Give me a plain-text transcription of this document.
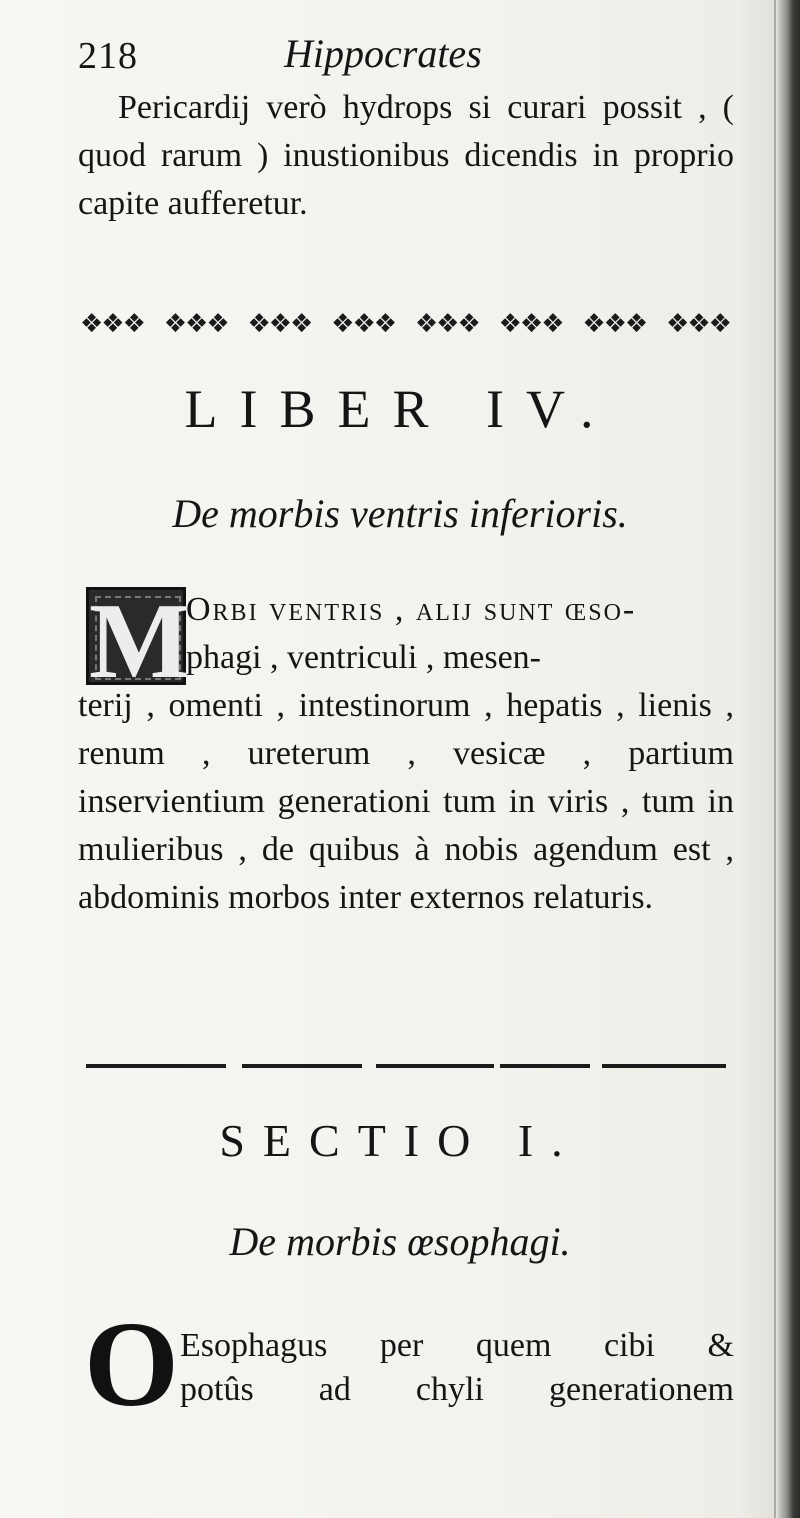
218	Hippocrates
Pericardij verò hydrops si curari possit , ( quod rarum ) inustionibus dicendis in proprio capite aufferetur.
❖❖❖ ❖❖❖ ❖❖❖ ❖❖❖ ❖❖❖ ❖❖❖ ❖❖❖ ❖❖❖
LIBER IV.
De morbis ventris inferioris.
M
Orbi ventris , alij sunt œso-
phagi , ventriculi , mesen-
terij , omenti , intestinorum , hepatis , lienis , renum , ureterum , vesicæ , partium inservientium generationi tum in viris , tum in mulieribus , de quibus à nobis agendum est , abdominis morbos inter externos relaturis.
SECTIO I.
De morbis œsophagi.
O Esophagus per quem cibi &
potûs ad chyli generationem
